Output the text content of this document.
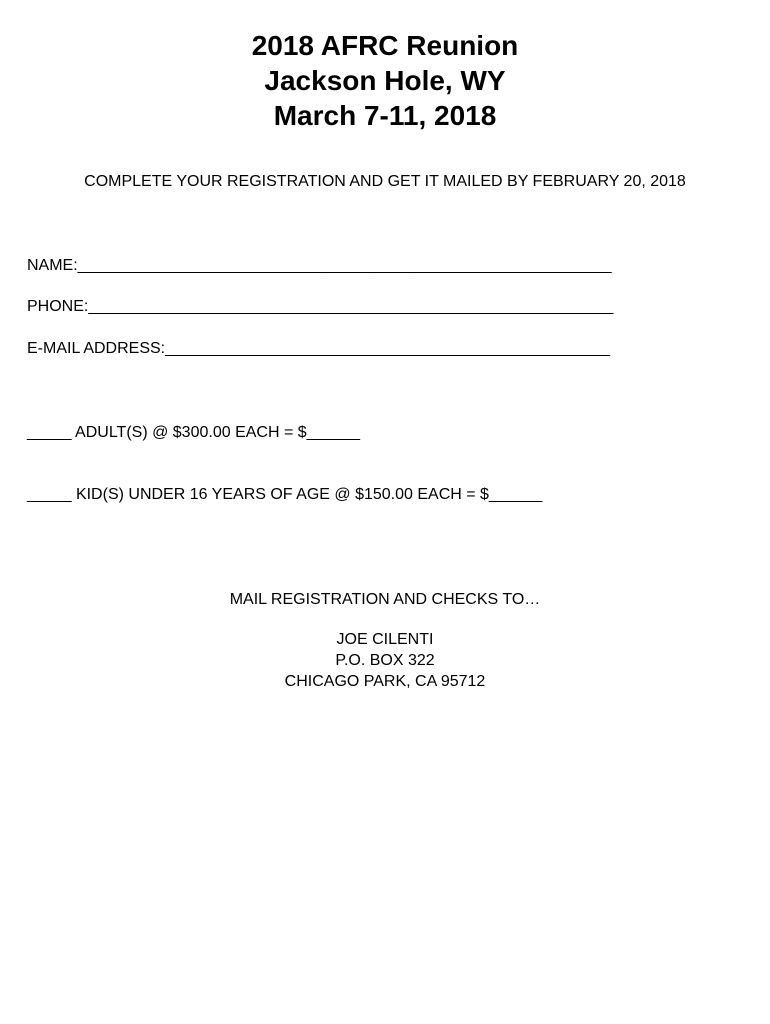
2018 AFRC Reunion
Jackson Hole, WY
March 7-11, 2018
COMPLETE YOUR REGISTRATION AND GET IT MAILED BY FEBRUARY 20, 2018
NAME:____________________________________________________________
PHONE:___________________________________________________________
E-MAIL ADDRESS:__________________________________________________
_____ ADULT(S) @ $300.00 EACH = $______
_____ KID(S) UNDER 16 YEARS OF AGE @ $150.00 EACH = $______
MAIL REGISTRATION AND CHECKS TO…
JOE CILENTI
P.O. BOX 322
CHICAGO PARK, CA 95712
